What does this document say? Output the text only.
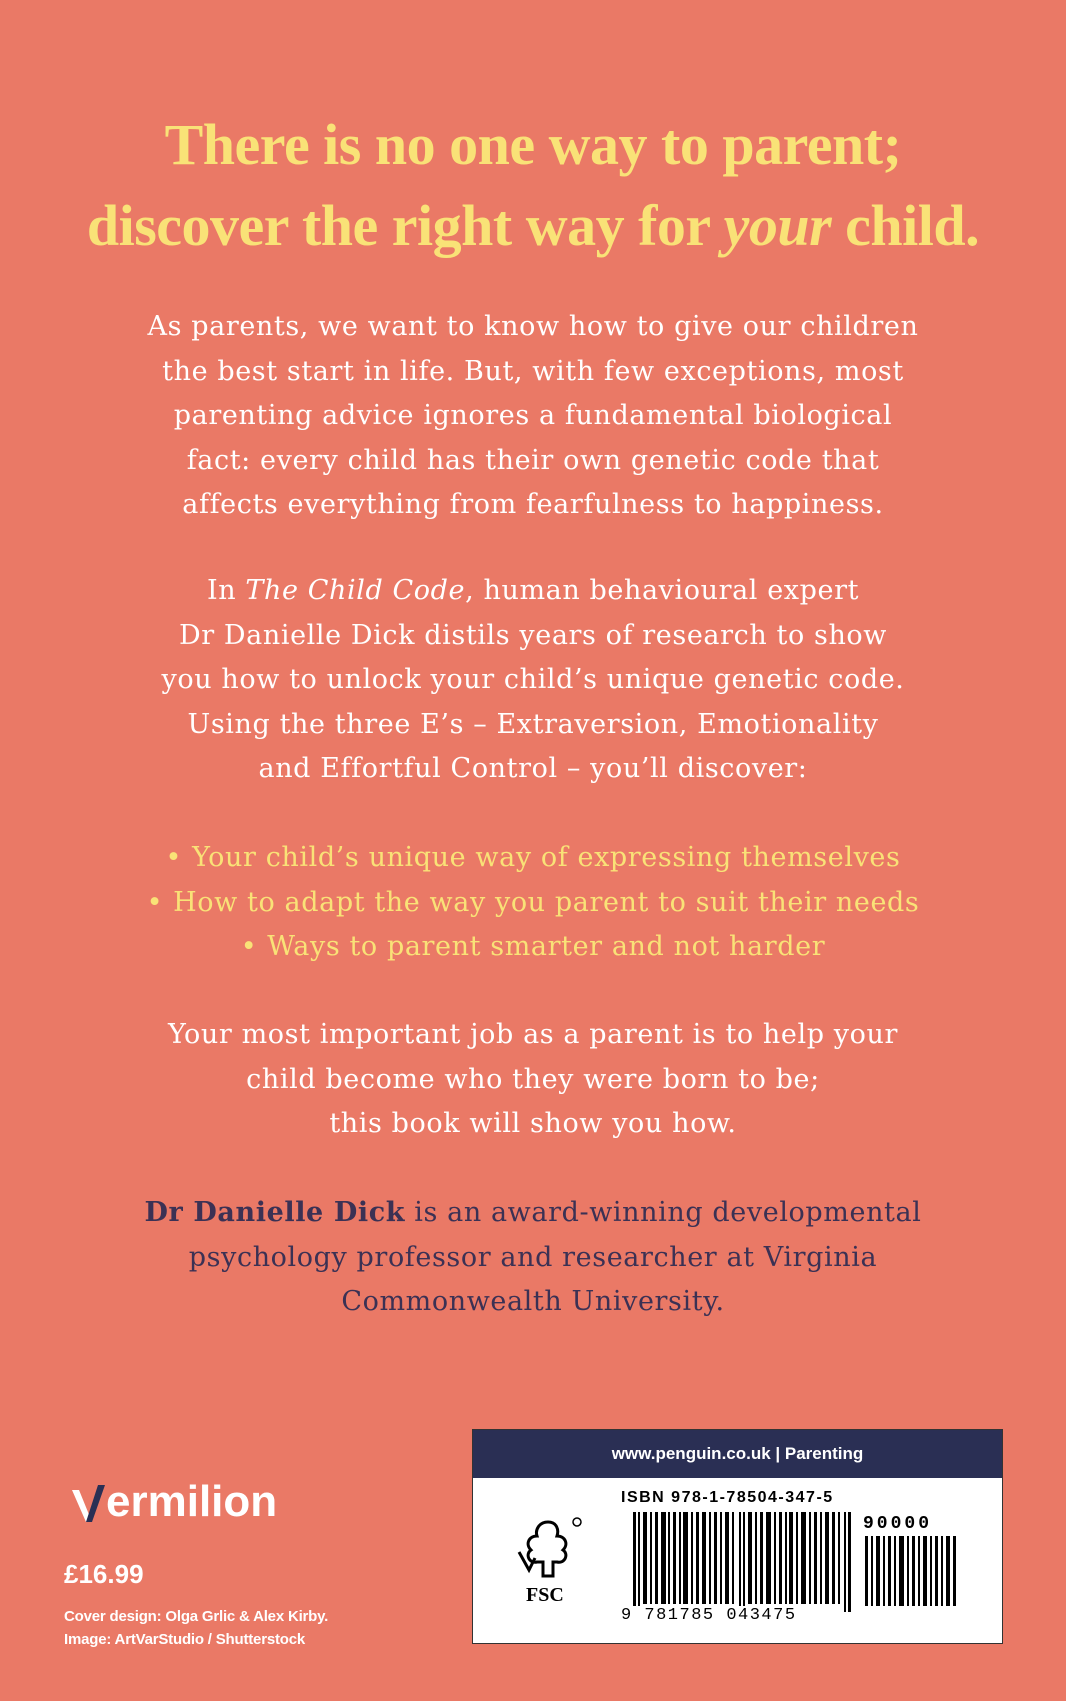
There is no one way to parent;
discover the right way for your child.
As parents, we want to know how to give our children
the best start in life. But, with few exceptions, most
parenting advice ignores a fundamental biological
fact: every child has their own genetic code that
affects everything from fearfulness to happiness.
In The Child Code, human behavioural expert
Dr Danielle Dick distils years of research to show
you how to unlock your child’s unique genetic code.
Using the three E’s – Extraversion, Emotionality
and Effortful Control – you’ll discover:
• Your child’s unique way of expressing themselves
• How to adapt the way you parent to suit their needs
• Ways to parent smarter and not harder
Your most important job as a parent is to help your
child become who they were born to be;
this book will show you how.
Dr Danielle Dick is an award-winning developmental
psychology professor and researcher at Virginia
Commonwealth University.
ermilion
£16.99
Cover design: Olga Grlic & Alex Kirby.
Image: ArtVarStudio / Shutterstock
www.penguin.co.uk | Parenting
ISBN 978-1-78504-347-5
FSC
90000
9 781785 043475
